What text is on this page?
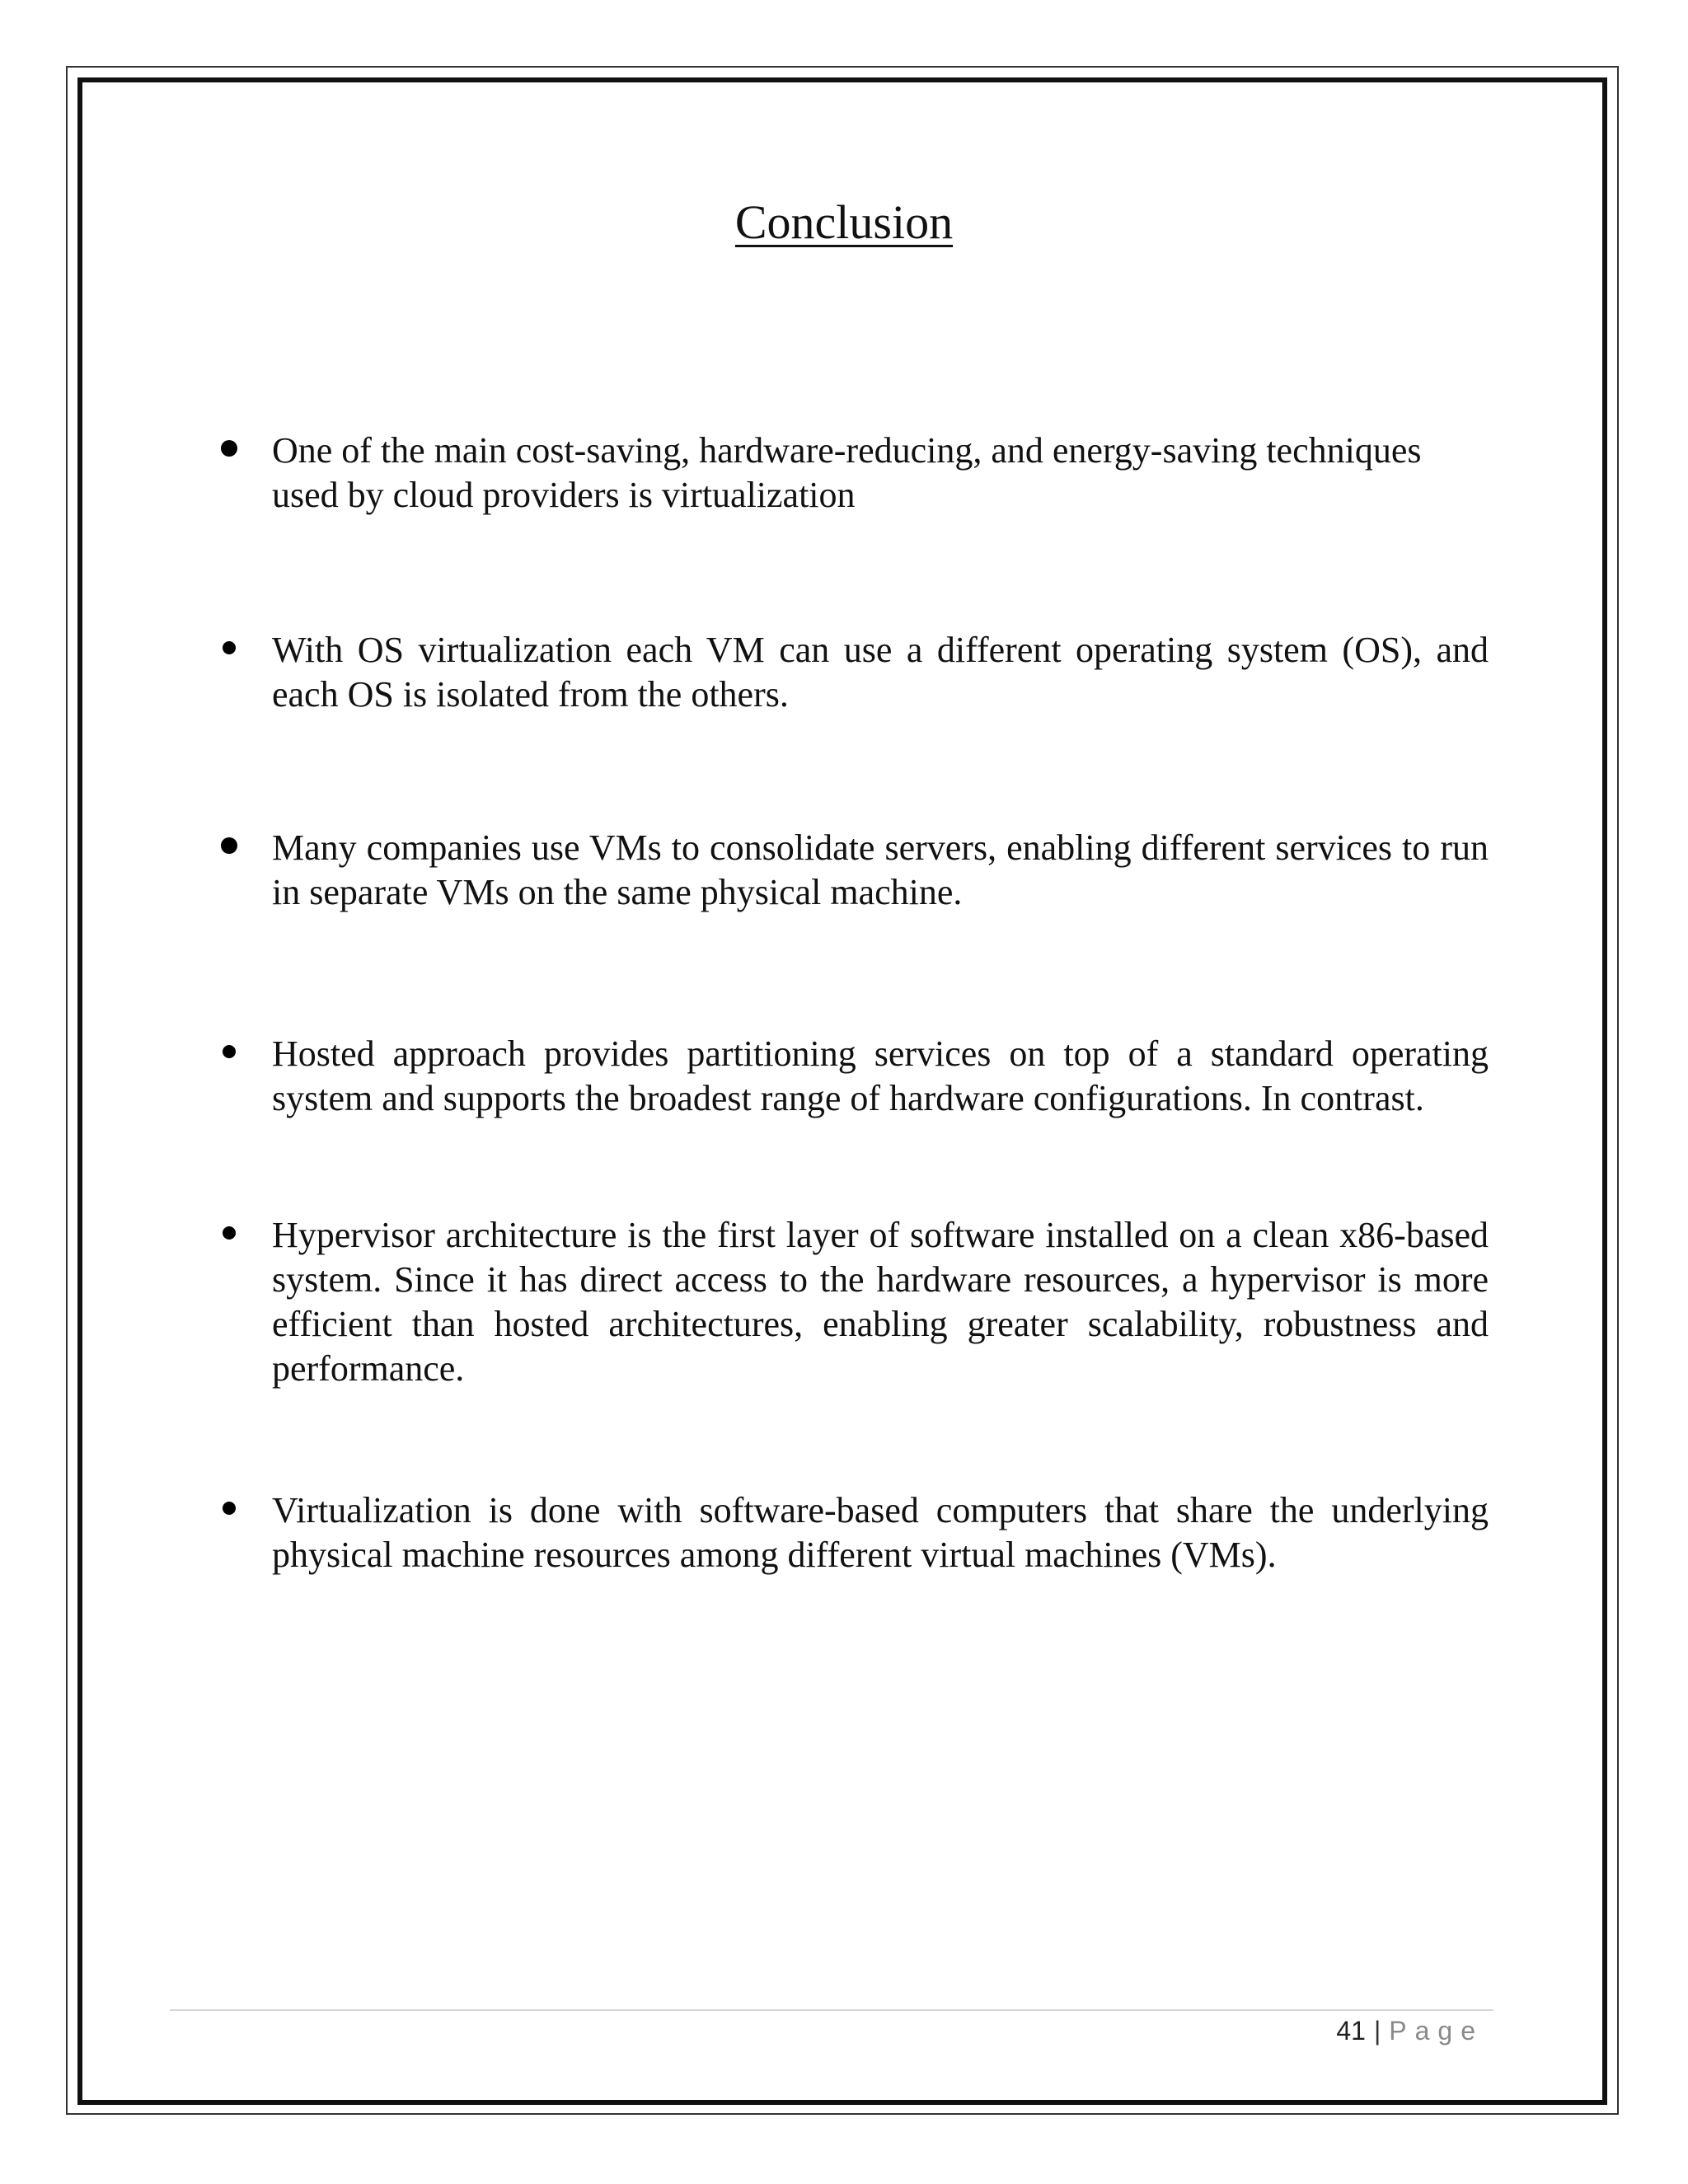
Conclusion
One of the main cost-saving, hardware-reducing, and energy-saving techniques used by cloud providers is virtualization
With OS virtualization each VM can use a different operating system (OS), and each OS is isolated from the others.
Many companies use VMs to consolidate servers, enabling different services to run in separate VMs on the same physical machine.
Hosted approach provides partitioning services on top of a standard operating system and supports the broadest range of hardware configurations. In contrast.
Hypervisor architecture is the first layer of software installed on a clean x86-based system. Since it has direct access to the hardware resources, a hypervisor is more efficient than hosted architectures, enabling greater scalability, robustness and performance.
Virtualization is done with software-based computers that share the underlying physical machine resources among different virtual machines (VMs).
41 | Page
